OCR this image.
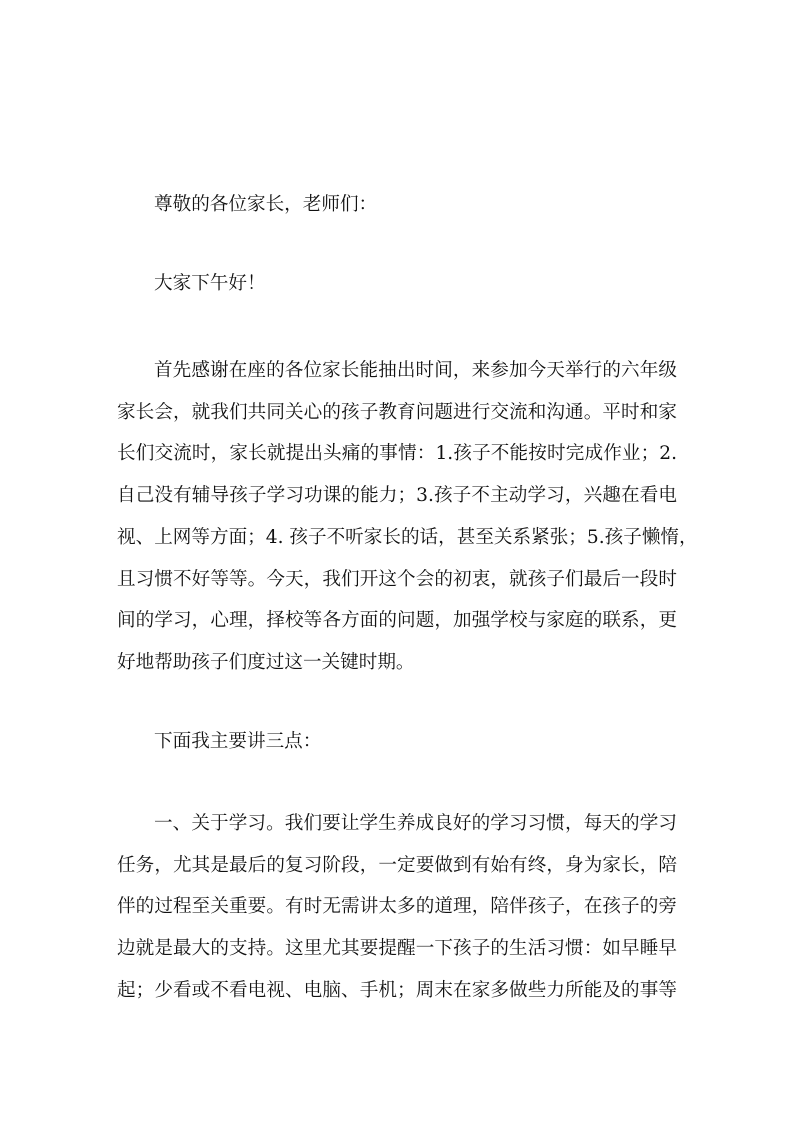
尊敬的各位家长，老师们：
大家下午好！
首先感谢在座的各位家长能抽出时间，来参加今天举行的六年级
家长会，就我们共同关心的孩子教育问题进行交流和沟通。平时和家
长们交流时，家长就提出头痛的事情：1.孩子不能按时完成作业；2.
自己没有辅导孩子学习功课的能力；3.孩子不主动学习，兴趣在看电
视、上网等方面；4. 孩子不听家长的话，甚至关系紧张；5.孩子懒惰，
且习惯不好等等。今天，我们开这个会的初衷，就孩子们最后一段时
间的学习，心理，择校等各方面的问题，加强学校与家庭的联系，更
好地帮助孩子们度过这一关键时期。
下面我主要讲三点：
一、关于学习。我们要让学生养成良好的学习习惯，每天的学习
任务，尤其是最后的复习阶段，一定要做到有始有终，身为家长，陪
伴的过程至关重要。有时无需讲太多的道理，陪伴孩子，在孩子的旁
边就是最大的支持。这里尤其要提醒一下孩子的生活习惯：如早睡早
起；少看或不看电视、电脑、手机；周末在家多做些力所能及的事等
